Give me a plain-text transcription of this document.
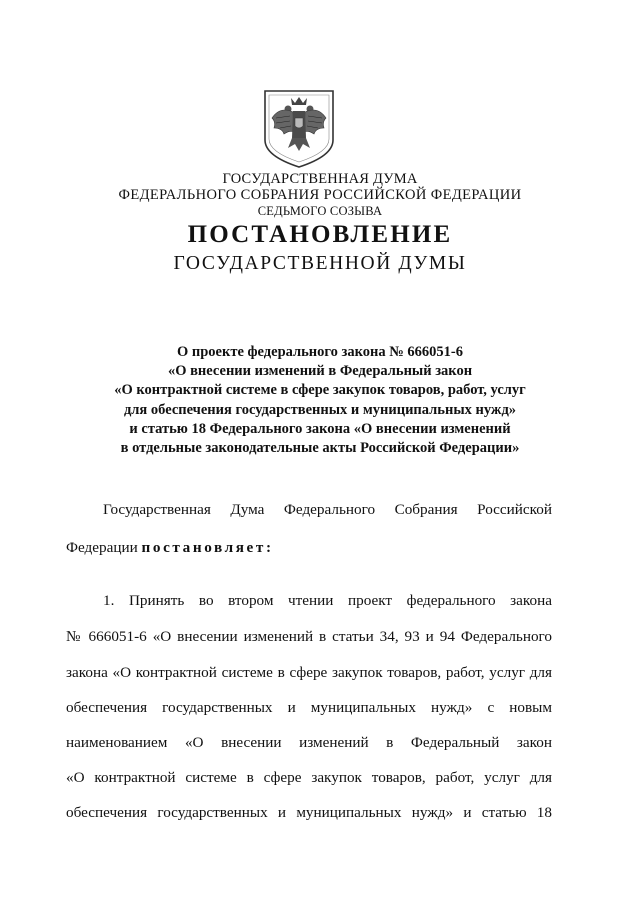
ГОСУДАРСТВЕННАЯ ДУМА
ФЕДЕРАЛЬНОГО СОБРАНИЯ РОССИЙСКОЙ ФЕДЕРАЦИИ
СЕДЬМОГО СОЗЫВА
ПОСТАНОВЛЕНИЕ
ГОСУДАРСТВЕННОЙ ДУМЫ
О проекте федерального закона № 666051-6
«О внесении изменений в Федеральный закон
«О контрактной системе в сфере закупок товаров, работ, услуг
для обеспечения государственных и муниципальных нужд»
и статью 18 Федерального закона «О внесении изменений
в отдельные законодательные акты Российской Федерации»
Государственная Дума Федерального Собрания Российской
Федерации постановляет:
1. Принять во втором чтении проект федерального закона
№ 666051-6 «О внесении изменений в статьи 34, 93 и 94 Федерального
закона «О контрактной системе в сфере закупок товаров, работ, услуг для
обеспечения государственных и муниципальных нужд» с новым
наименованием «О внесении изменений в Федеральный закон
«О контрактной системе в сфере закупок товаров, работ, услуг для
обеспечения государственных и муниципальных нужд» и статью 18
